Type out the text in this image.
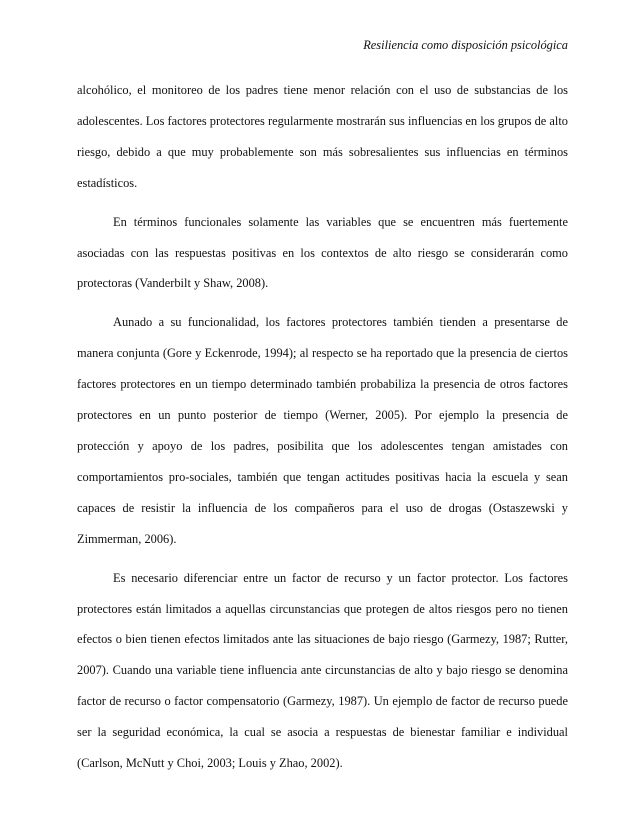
Resiliencia como disposición psicológica

alcohólico, el monitoreo de los padres tiene menor relación con el uso de substancias de los adolescentes. Los factores protectores regularmente mostrarán sus influencias en los grupos de alto riesgo, debido a que muy probablemente son más sobresalientes sus influencias en términos estadísticos.

En términos funcionales solamente las variables que se encuentren más fuertemente asociadas con las respuestas positivas en los contextos de alto riesgo se considerarán como protectoras (Vanderbilt y Shaw, 2008).

Aunado a su funcionalidad, los factores protectores también tienden a presentarse de manera conjunta (Gore y Eckenrode, 1994); al respecto se ha reportado que la presencia de ciertos factores protectores en un tiempo determinado también probabiliza la presencia de otros factores protectores en un punto posterior de tiempo (Werner, 2005). Por ejemplo la presencia de protección y apoyo de los padres, posibilita que los adolescentes tengan amistades con comportamientos pro-sociales, también que tengan actitudes positivas hacia la escuela y sean capaces de resistir la influencia de los compañeros para el uso de drogas (Ostaszewski y Zimmerman, 2006).

Es necesario diferenciar entre un factor de recurso y un factor protector. Los factores protectores están limitados a aquellas circunstancias que protegen de altos riesgos pero no tienen efectos o bien tienen efectos limitados ante las situaciones de bajo riesgo (Garmezy, 1987; Rutter, 2007). Cuando una variable tiene influencia ante circunstancias de alto y bajo riesgo se denomina factor de recurso o factor compensatorio (Garmezy, 1987). Un ejemplo de factor de recurso puede ser la seguridad económica, la cual se asocia a respuestas de bienestar familiar e individual (Carlson, McNutt y Choi, 2003; Louis y Zhao, 2002).
